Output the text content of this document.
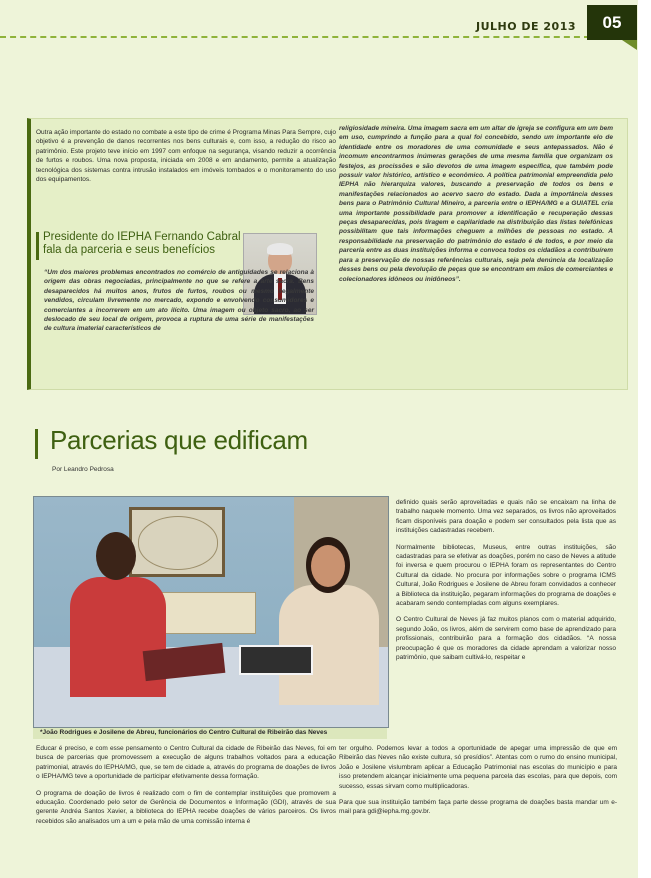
JULHO DE 2013	05
Outra ação importante do estado no combate a este tipo de crime é Programa Minas Para Sempre, cujo objetivo é a prevenção de danos recorrentes nos bens culturais e, com isso, a redução do risco ao patrimônio. Este projeto teve início em 1997 com enfoque na segurança, visando reduzir a ocorrência de furtos e roubos. Uma nova proposta, iniciada em 2008 e em andamento, permite a atualização tecnológica dos sistemas contra intrusão instalados em imóveis tombados e o monitoramento do uso dos equipamentos.
religiosidade mineira. Uma imagem sacra em um altar de igreja se configura em um bem em uso, cumprindo a função para a qual foi concebido, sendo um importante elo de identidade entre os moradores de uma comunidade e seus antepassados. Não é incomum encontrarmos inúmeras gerações de uma mesma família que organizam os festejos, as procissões e são devotos de uma imagem específica, que também pode possuir valor histórico, artístico e econômico. A política patrimonial empreendida pelo IEPHA não hierarquiza valores, buscando a preservação de todos os bens e manifestações relacionados ao acervo sacro do estado. Dada a importância desses bens para o Patrimônio Cultural Mineiro, a parceria entre o IEPHA/MG e a GUIATEL cria uma importante possibilidade para promover a identificação e recuperação dessas peças desaparecidas, pois tiragem e capilaridade na distribuição das listas telefônicas possibilitam que tais informações cheguem a milhões de pessoas no estado. A responsabilidade na preservação do patrimônio do estado é de todos, e por meio da parceria entre as duas instituições informa e convoca todos os cidadãos a contribuírem para a preservação de nossas referências culturais, seja pela denúncia da localização desses bens ou pela devolução de peças que se encontram em mãos de comerciantes e colecionadores idôneos ou inidôneos”.
Presidente do IEPHA Fernando Cabral fala da parceria e seus benefícios
“Um dos maiores problemas encontrados no comércio de antiguidades se relaciona à origem das obras negociadas, principalmente no que se refere a arte sacra. Bens desaparecidos há muitos anos, frutos de furtos, roubos ou mesmo ilegalmente vendidos, circulam livremente no mercado, expondo e envolvendo consumidores e comerciantes a incorrerem em um ato ilícito. Uma imagem ou objeto sacro, ao ser deslocado de seu local de origem, provoca a ruptura de uma série de manifestações de cultura imaterial característicos de
Parcerias que edificam
Por Leandro Pedrosa
*João Rodrigues e Josilene de Abreu, funcionários do Centro Cultural de Ribeirão das Neves

definido quais serão aproveitadas e quais não se encaixam na linha de trabalho naquele momento. Uma vez separados, os livros não aproveitados ficam disponíveis para doação e podem ser consultados pela lista que as instituições cadastradas recebem.

Normalmente bibliotecas, Museus, entre outras instituições, são cadastradas para se efetivar as doações, porém no caso de Neves a atitude foi inversa e quem procurou o IEPHA foram os representantes do Centro Cultural da cidade. No procura por informações sobre o programa ICMS Cultural, João Rodrigues e Josilene de Abreu foram convidados a conhecer a Biblioteca da instituição, pegaram informações do programa de doações e acabaram sendo contempladas com alguns exemplares.

O Centro Cultural de Neves já faz muitos planos com o material adquirido, segundo João, os livros, além de servirem como base de aprendizado para profissionais, contribuirão para a formação dos cidadãos. “A nossa preocupação é que os moradores da cidade aprendam a valorizar nosso patrimônio, que saibam cultivá-lo, respeitar e

Educar é preciso, e com esse pensamento o Centro Cultural da cidade de Ribeirão das Neves, foi em busca de parcerias que promovessem a execução de alguns trabalhos voltados para a educação patrimonial, através do IEPHA/MG, que, se tem de cidade a, através do programa de doações de livros o IEPHA/MG teve a oportunidade de participar efetivamente dessa formação.

O programa de doação de livros é realizado com o fim de contemplar instituições que promovem a educação. Coordenado pelo setor de Gerência de Documentos e Informação (GDI), através de sua gerente Andréa Santos Xavier, a biblioteca do IEPHA recebe doações de vários parceiros. Os livros recebidos são analisados um a um e pela mão de uma comissão interna é

ter orgulho. Podemos levar a todos a oportunidade de apegar uma impressão de que em Ribeirão das Neves não existe cultura, só presídios”. Atentas com o rumo do ensino municipal, João e Josilene vislumbram aplicar a Educação Patrimonial nas escolas do município e para isso pretendem alcançar inicialmente uma pequena parcela das escolas, para que depois, com sucesso, essas sirvam como multiplicadoras.

Para que sua instituição também faça parte desse programa de doações basta mandar um e-mail para gdi@iepha.mg.gov.br.
